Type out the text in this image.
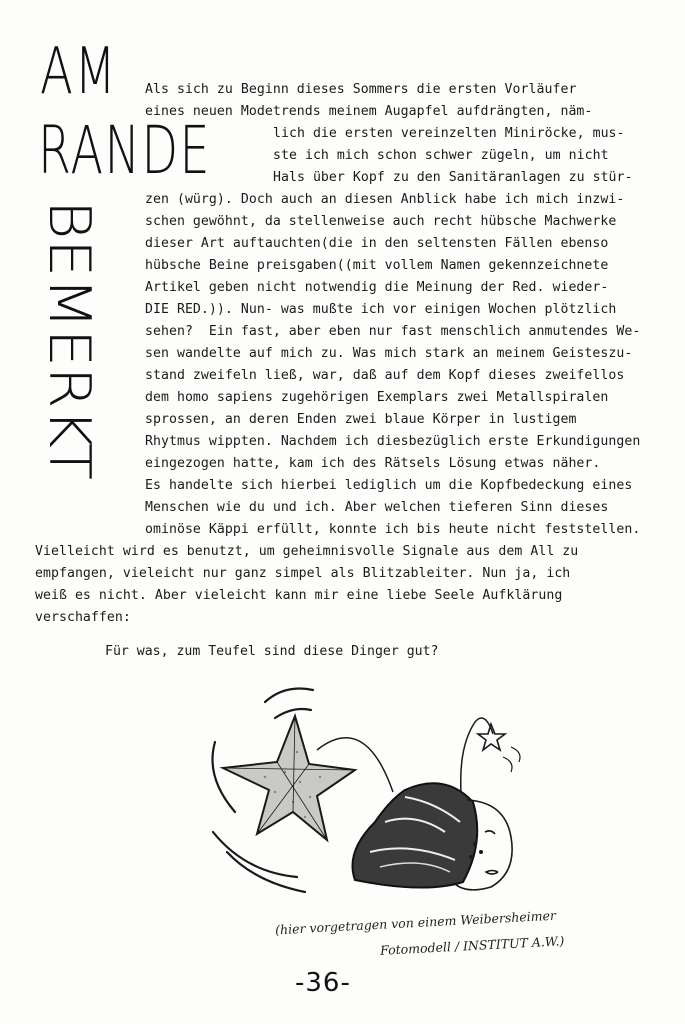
AM
RANDE
BEMERKT
Als sich zu Beginn dieses Sommers die ersten Vorläufer
eines neuen Modetrends meinem Augapfel aufdrängten, näm-
lich die ersten vereinzelten Miniröcke, mus-
ste ich mich schon schwer zügeln, um nicht
Hals über Kopf zu den Sanitäranlagen zu stür-
zen (würg). Doch auch an diesen Anblick habe ich mich inzwi-
schen gewöhnt, da stellenweise auch recht hübsche Machwerke
dieser Art auftauchten(die in den seltensten Fällen ebenso
hübsche Beine preisgaben((mit vollem Namen gekennzeichnete
Artikel geben nicht notwendig die Meinung der Red. wieder-
DIE RED.)). Nun- was mußte ich vor einigen Wochen plötzlich
sehen?  Ein fast, aber eben nur fast menschlich anmutendes We-
sen wandelte auf mich zu. Was mich stark an meinem Geisteszu-
stand zweifeln ließ, war, daß auf dem Kopf dieses zweifellos
dem homo sapiens zugehörigen Exemplars zwei Metallspiralen
sprossen, an deren Enden zwei blaue Körper in lustigem
Rhytmus wippten. Nachdem ich diesbezüglich erste Erkundigungen
eingezogen hatte, kam ich des Rätsels Lösung etwas näher.
Es handelte sich hierbei lediglich um die Kopfbedeckung eines
Menschen wie du und ich. Aber welchen tieferen Sinn dieses
ominöse Käppi erfüllt, konnte ich bis heute nicht feststellen.
Vielleicht wird es benutzt, um geheimnisvolle Signale aus dem All zu
empfangen, vieleicht nur ganz simpel als Blitzableiter. Nun ja, ich
weiß es nicht. Aber vieleicht kann mir eine liebe Seele Aufklärung
verschaffen:
Für was, zum Teufel sind diese Dinger gut?
(hier vorgetragen von einem Weibersheimer
Fotomodell / INSTITUT A.W.)
-36-
